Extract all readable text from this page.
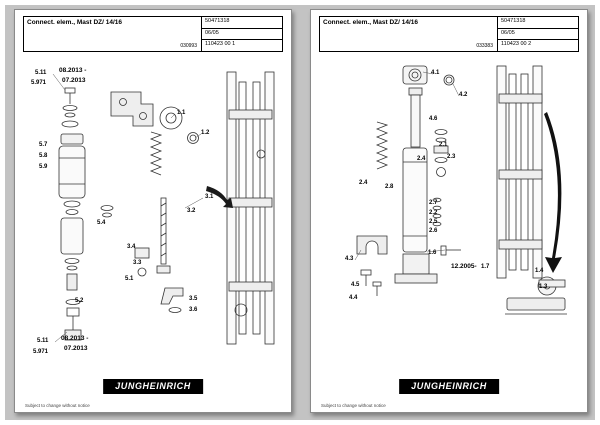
Connect. elem., Mast DZ/ 14/16
030993
50471318
06/05
110423 00 1
5.11
5.971
08.2013 -
07.2013
1.1
1.2
5.7
5.8
5.9
3.1
3.2
5.4
3.4
3.3
5.1
3.5
3.6
5.2
5.11
5.971
08.2013 -
07.2013
JUNGHEINRICH
Subject to change without notice
Connect. elem., Mast DZ/ 14/16
033383
50471318
06/05
110423 00 2
4.1
4.2
4.6
2.1
2.3
2.4
2.4
2.8
2.7
2.2
2.5
2.6
1.6
4.3
4.5
4.4
12.2005- 1.7
1.4
1.3
JUNGHEINRICH
Subject to change without notice
